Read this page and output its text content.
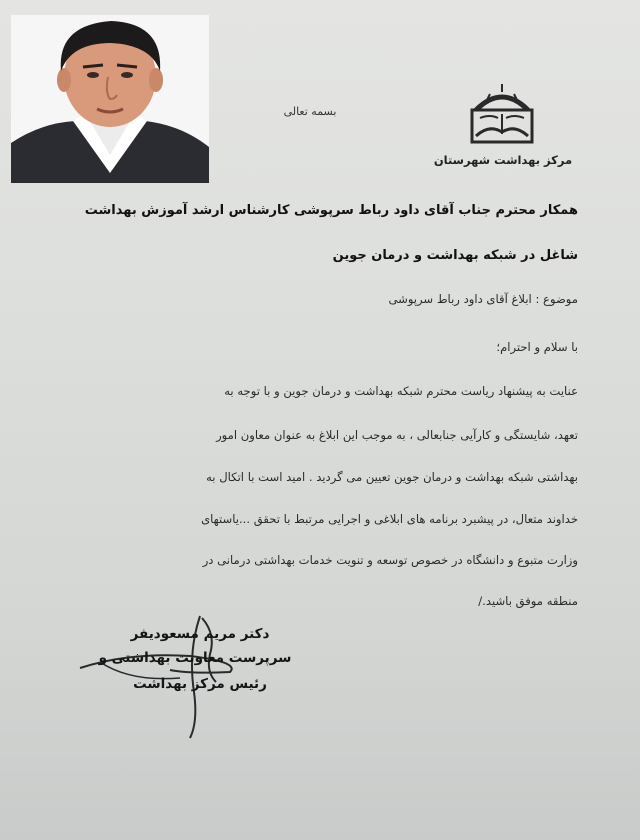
بسمه تعالی
مرکز بهداشت شهرستان
همکار محترم جناب آقای داود رباط سرپوشی کارشناس ارشد آموزش بهداشت
شاغل در شبکه بهداشت و درمان جوین
موضوع : ابلاغ آقای داود رباط سرپوشی
با سلام و احترام؛
عنایت به پیشنهاد ریاست محترم شبکه بهداشت و درمان جوین و با توجه به
تعهد، شایستگی و کارآیی جنابعالی ، به موجب این ابلاغ به عنوان معاون امور
بهداشتی شبکه بهداشت و درمان جوین تعیین می گردید . امید است با اتکال به
خداوند متعال، در پیشبرد برنامه های ابلاغی و اجرایی مرتبط با تحقق ...یاستهای
وزارت متبوع و دانشگاه در خصوص توسعه و تنویت خدمات بهداشتی درمانی در
منطقه موفق باشید./
دکتر مریم مسعودیفر
سرپرست معاونت بهداشتی و
رئیس مرکز بهداشت
